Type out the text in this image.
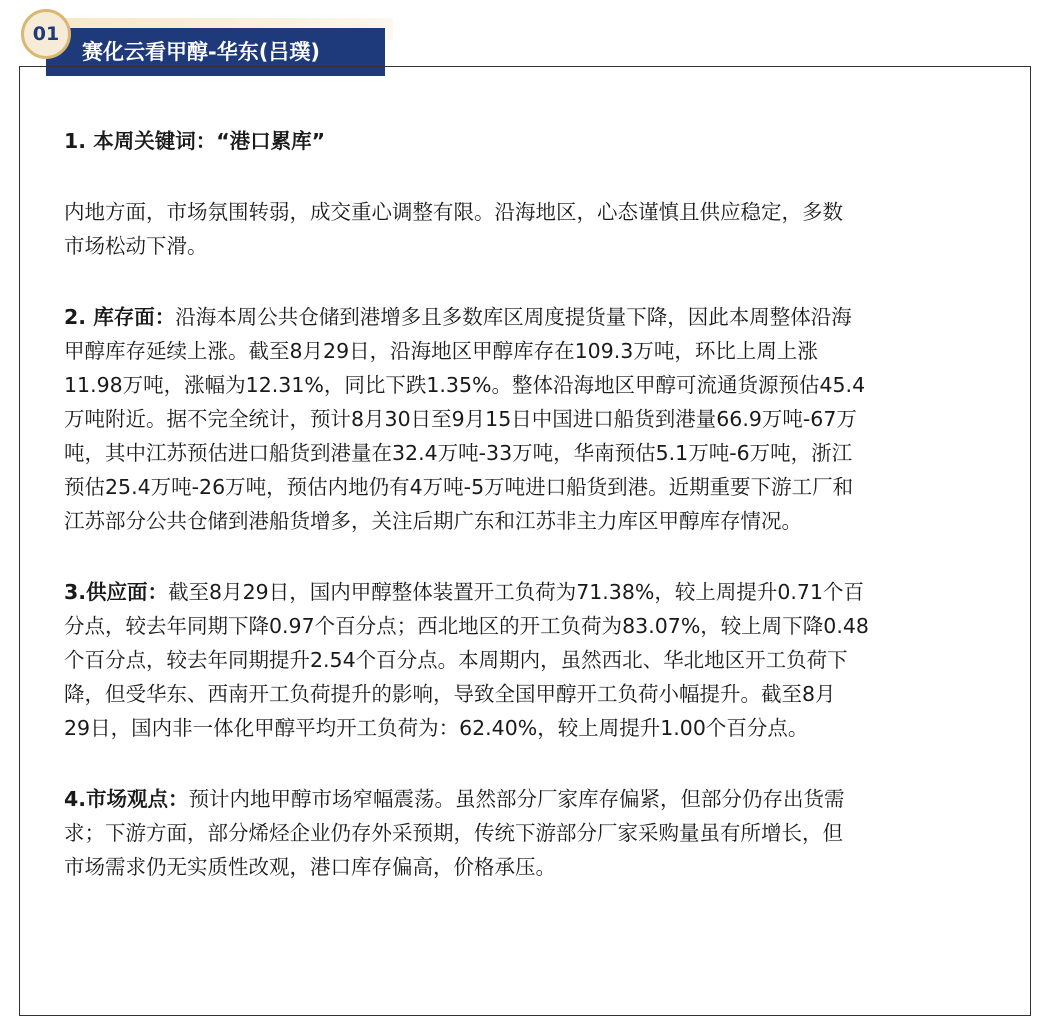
赛化云看甲醇-华东(吕璞)
01
1. 本周关键词：“港口累库”
内地方面，市场氛围转弱，成交重心调整有限。沿海地区，心态谨慎且供应稳定，多数
市场松动下滑。
2. 库存面：沿海本周公共仓储到港增多且多数库区周度提货量下降，因此本周整体沿海
甲醇库存延续上涨。截至8月29日，沿海地区甲醇库存在109.3万吨，环比上周上涨
11.98万吨，涨幅为12.31%，同比下跌1.35%。整体沿海地区甲醇可流通货源预估45.4
万吨附近。据不完全统计，预计8月30日至9月15日中国进口船货到港量66.9万吨-67万
吨，其中江苏预估进口船货到港量在32.4万吨-33万吨，华南预估5.1万吨-6万吨，浙江
预估25.4万吨-26万吨，预估内地仍有4万吨-5万吨进口船货到港。近期重要下游工厂和
江苏部分公共仓储到港船货增多，关注后期广东和江苏非主力库区甲醇库存情况。
3.供应面：截至8月29日，国内甲醇整体装置开工负荷为71.38%，较上周提升0.71个百
分点，较去年同期下降0.97个百分点；西北地区的开工负荷为83.07%，较上周下降0.48
个百分点，较去年同期提升2.54个百分点。本周期内，虽然西北、华北地区开工负荷下
降，但受华东、西南开工负荷提升的影响，导致全国甲醇开工负荷小幅提升。截至8月
29日，国内非一体化甲醇平均开工负荷为：62.40%，较上周提升1.00个百分点。
4.市场观点：预计内地甲醇市场窄幅震荡。虽然部分厂家库存偏紧，但部分仍存出货需
求；下游方面，部分烯烃企业仍存外采预期，传统下游部分厂家采购量虽有所增长，但
市场需求仍无实质性改观，港口库存偏高，价格承压。
